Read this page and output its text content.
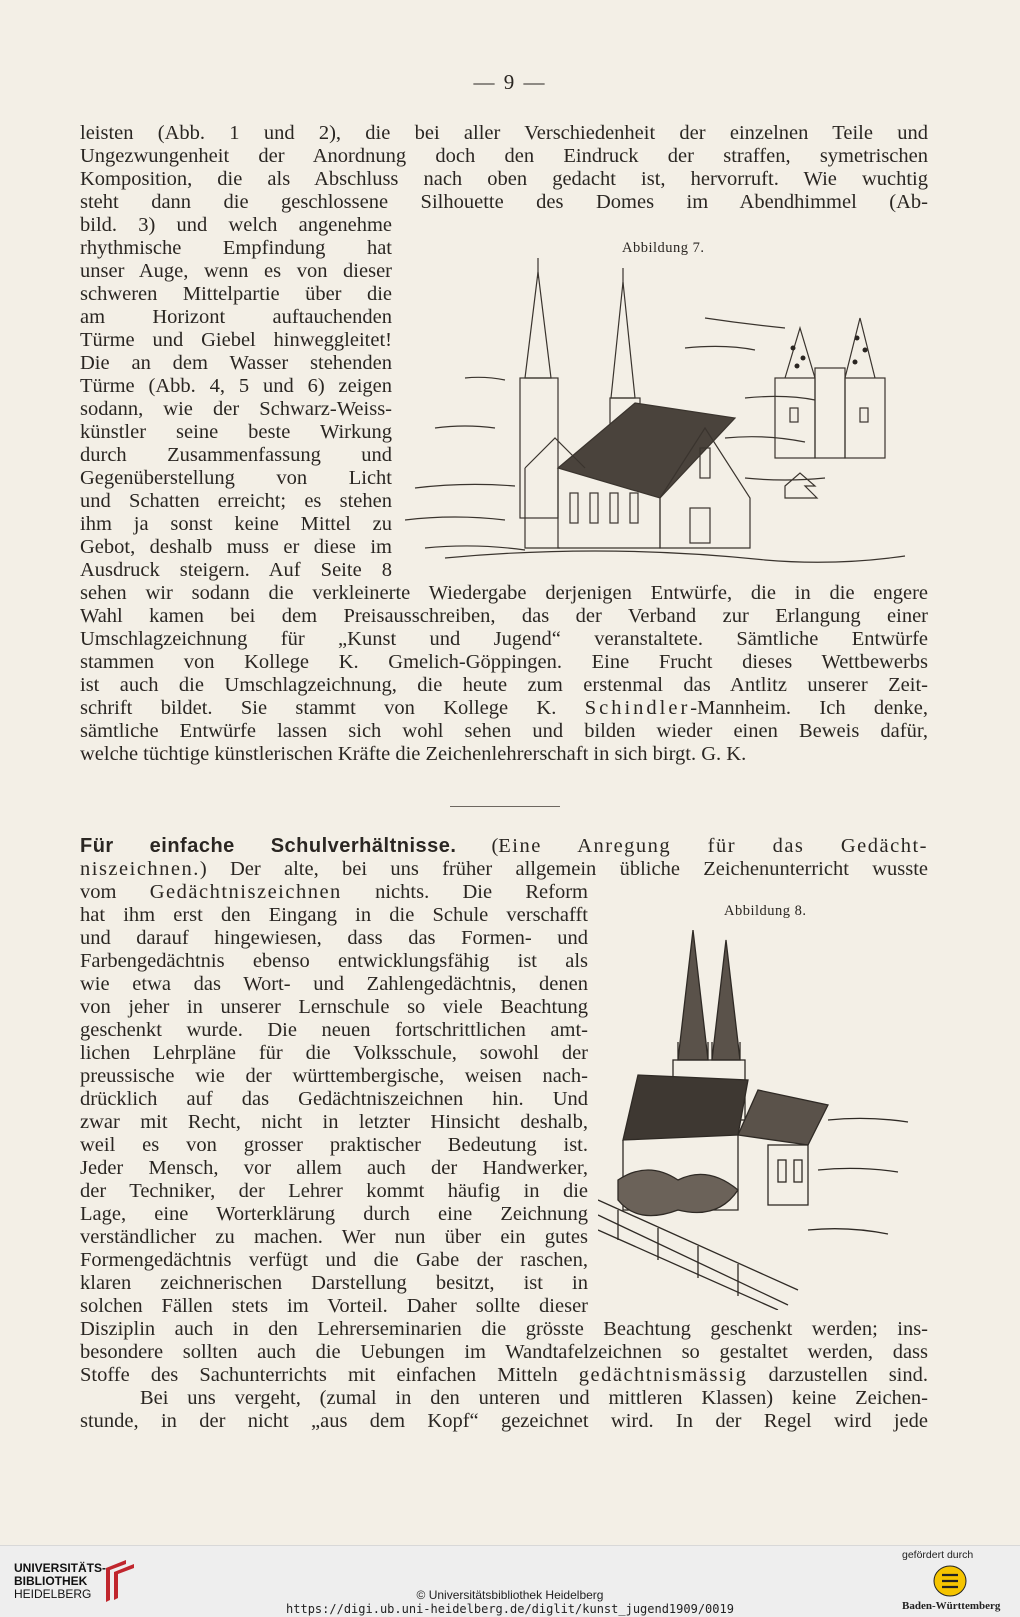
— 9 —
leisten (Abb. 1 und 2), die bei aller Verschiedenheit der einzelnen Teile und
Ungezwungenheit der Anordnung doch den Eindruck der straffen, symetrischen
Komposition, die als Abschluss nach oben gedacht ist, hervorruft. Wie wuchtig
steht dann die geschlossene Silhouette des Domes im Abendhimmel (Ab-
bild. 3) und welch angenehme
rhythmische Empfindung hat
unser Auge, wenn es von dieser
schweren Mittelpartie über die
am Horizont auftauchenden
Türme und Giebel hinweggleitet!
Die an dem Wasser stehenden
Türme (Abb. 4, 5 und 6) zeigen
sodann, wie der Schwarz-Weiss-
künstler seine beste Wirkung
durch Zusammenfassung und
Gegenüberstellung von Licht
und Schatten erreicht; es stehen
ihm ja sonst keine Mittel zu
Gebot, deshalb muss er diese im
Ausdruck steigern. Auf Seite 8
sehen wir sodann die verkleinerte Wiedergabe derjenigen Entwürfe, die in die engere
Wahl kamen bei dem Preisausschreiben, das der Verband zur Erlangung einer
Umschlagzeichnung für „Kunst und Jugend“ veranstaltete. Sämtliche Entwürfe
stammen von Kollege K. Gmelich-Göppingen. Eine Frucht dieses Wettbewerbs
ist auch die Umschlagzeichnung, die heute zum erstenmal das Antlitz unserer Zeit-
schrift bildet. Sie stammt von Kollege K. Schindler-Mannheim. Ich denke,
sämtliche Entwürfe lassen sich wohl sehen und bilden wieder einen Beweis dafür,
welche tüchtige künstlerischen Kräfte die Zeichenlehrerschaft in sich birgt. G. K.
Abbildung 7.
Für einfache Schulverhältnisse. (Eine Anregung für das Gedächt-
niszeichnen.) Der alte, bei uns früher allgemein übliche Zeichenunterricht wusste
vom Gedächtniszeichnen nichts. Die Reform
hat ihm erst den Eingang in die Schule verschafft
und darauf hingewiesen, dass das Formen- und
Farbengedächtnis ebenso entwicklungsfähig ist als
wie etwa das Wort- und Zahlengedächtnis, denen
von jeher in unserer Lernschule so viele Beachtung
geschenkt wurde. Die neuen fortschrittlichen amt-
lichen Lehrpläne für die Volksschule, sowohl der
preussische wie der württembergische, weisen nach-
drücklich auf das Gedächtniszeichnen hin. Und
zwar mit Recht, nicht in letzter Hinsicht deshalb,
weil es von grosser praktischer Bedeutung ist.
Jeder Mensch, vor allem auch der Handwerker,
der Techniker, der Lehrer kommt häufig in die
Lage, eine Worterklärung durch eine Zeichnung
verständlicher zu machen. Wer nun über ein gutes
Formengedächtnis verfügt und die Gabe der raschen,
klaren zeichnerischen Darstellung besitzt, ist in
solchen Fällen stets im Vorteil. Daher sollte dieser
Disziplin auch in den Lehrerseminarien die grösste Beachtung geschenkt werden; ins-
besondere sollten auch die Uebungen im Wandtafelzeichnen so gestaltet werden, dass
Stoffe des Sachunterrichts mit einfachen Mitteln gedächtnismässig darzustellen sind.
Bei uns vergeht, (zumal in den unteren und mittleren Klassen) keine Zeichen-
stunde, in der nicht „aus dem Kopf“ gezeichnet wird. In der Regel wird jede
Abbildung 8.
UNIVERSITÄTS-
BIBLIOTHEK
HEIDELBERG	© Universitätsbibliothek Heidelberg
https://digi.ub.uni-heidelberg.de/diglit/kunst_jugend1909/0019
gefördert durch
Baden-Württemberg
